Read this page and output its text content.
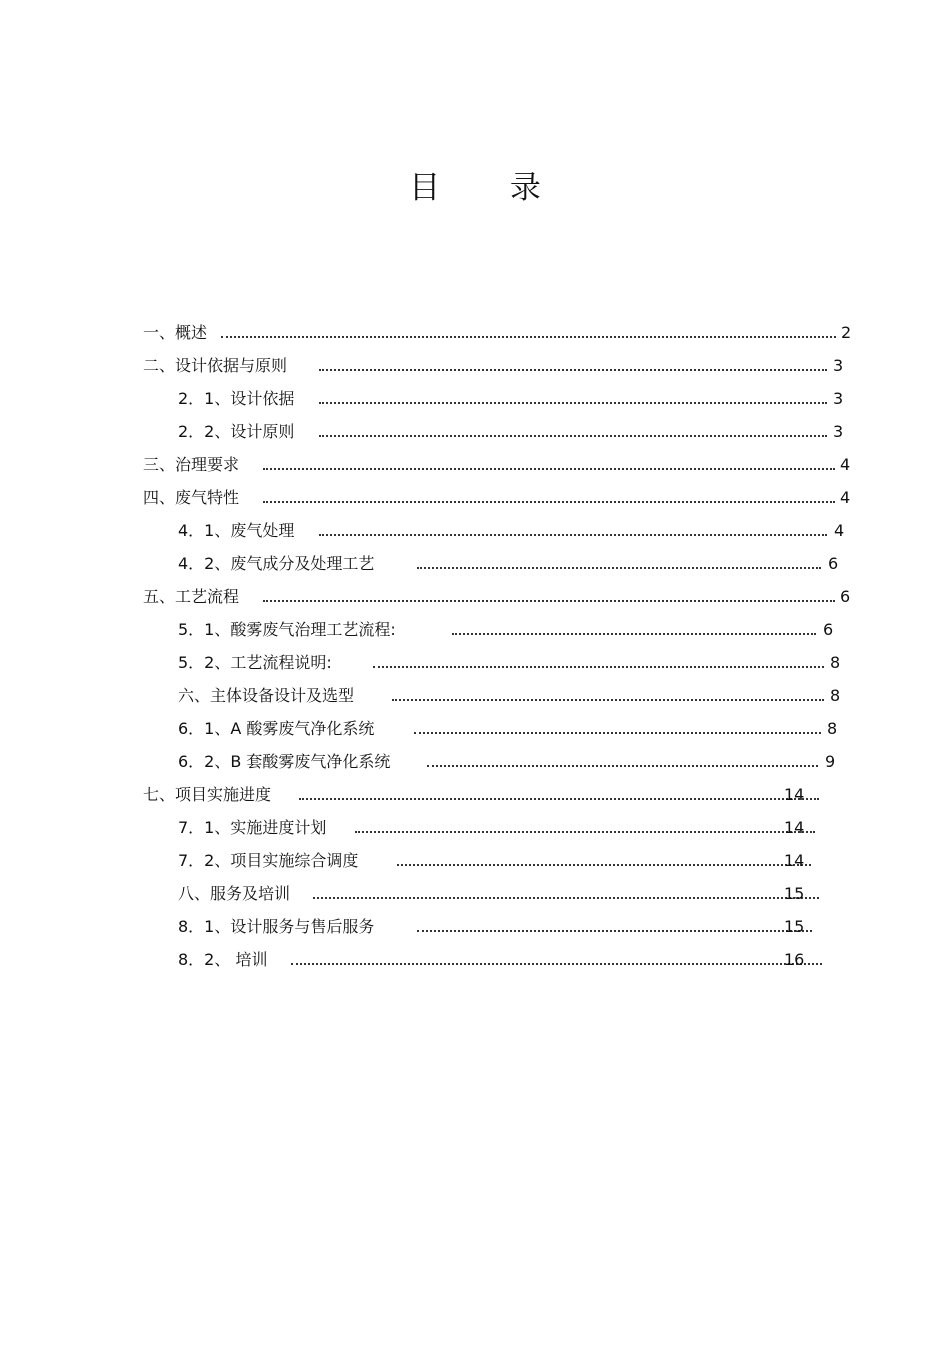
目 录
一、概述	2
二、设计依据与原则	3
2．1、设计依据	3
2．2、设计原则	3
三、治理要求	4
四、废气特性	4
4．1、废气处理	4
4．2、废气成分及处理工艺	6
五、工艺流程	6
5．1、酸雾废气治理工艺流程:	6
5．2、工艺流程说明:	8
六、主体设备设计及选型	8
6．1、A 酸雾废气净化系统	8
6．2、B 套酸雾废气净化系统	9
七、项目实施进度	14
7．1、实施进度计划	14
7．2、项目实施综合调度	14
八、服务及培训	15
8．1、设计服务与售后服务	15
8．2、 培训	16
